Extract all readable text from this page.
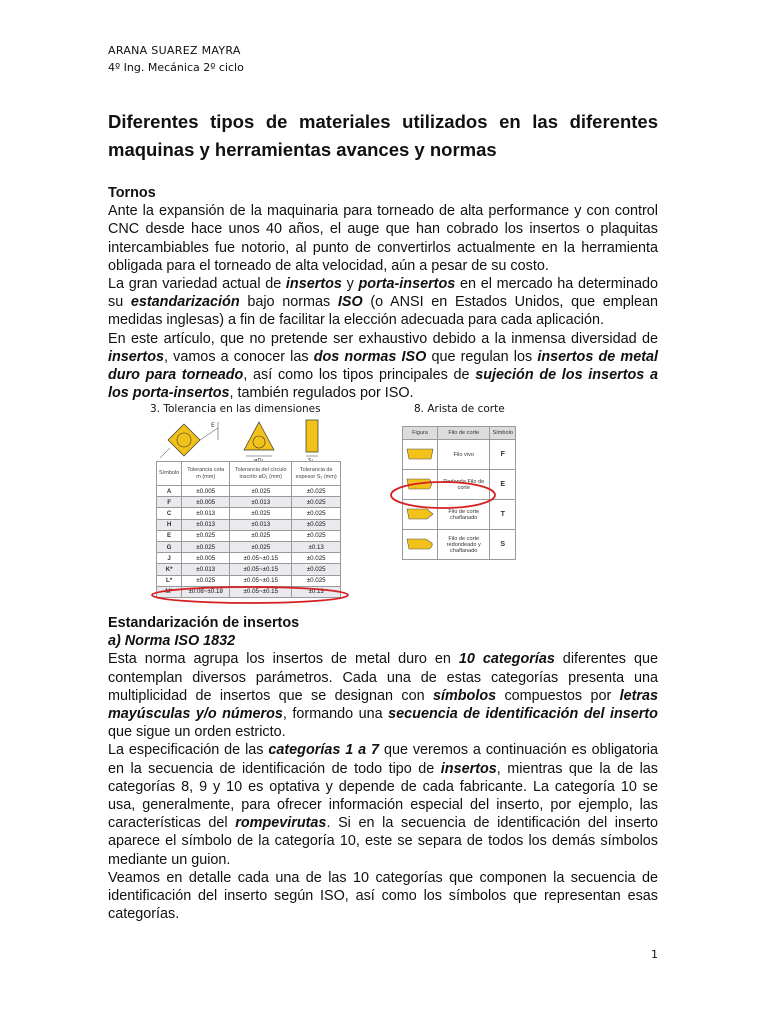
ARANA SUAREZ MAYRA
4º Ing. Mecánica 2º ciclo
Diferentes tipos de materiales utilizados en las diferentes maquinas y herramientas avances y normas

Tornos

Ante la expansión de la maquinaria para torneado de alta performance y con control CNC desde hace unos 40 años, el auge que han cobrado los insertos o plaquitas intercambiables fue notorio, al punto de convertirlos actualmente en la herramienta obligada para el torneado de alta velocidad, aún a pesar de su costo.

La gran variedad actual de insertos y porta-insertos en el mercado ha determinado su estandarización bajo normas ISO (o ANSI en Estados Unidos, que emplean medidas inglesas) a fin de facilitar la elección adecuada para cada aplicación.

En este artículo, que no pretende ser exhaustivo debido a la inmensa diversidad de insertos, vamos a conocer las dos normas ISO que regulan los insertos de metal duro para torneado, así como los tipos principales de sujeción de los insertos a los porta-insertos, también regulados por ISO.

3. Tolerancia en las dimensiones
E
øD₁	S₁
Símbolo	Tolerancia cota m (mm)	Tolerancia del círculo inscrito øD₁ (mm)	Tolerancia de espesor S₁ (mm)
A	±0.005	±0.025	±0.025
F	±0.005	±0.013	±0.025
C	±0.013	±0.025	±0.025
H	±0.013	±0.013	±0.025
E	±0.025	±0.025	±0.025
G	±0.025	±0.025	±0.13
J	±0.005	±0.05~±0.15	±0.025
K*	±0.013	±0.05~±0.15	±0.025
L*	±0.025	±0.05~±0.15	±0.025
M*	±0.08~±0.18	±0.05~±0.15	±0.13
8. Arista de corte
Figura	Filo de corte	Símbolo
	Filo vivo	F
	Redonda Filo de corte	E
	Filo de corte chaflanado	T
	Filo de corte redondeado y chaflanado	S

Estandarización de insertos

a) Norma ISO 1832

Esta norma agrupa los insertos de metal duro en 10 categorías diferentes que contemplan diversos parámetros. Cada una de estas categorías presenta una multiplicidad de insertos que se designan con símbolos compuestos por letras mayúsculas y/o números, formando una secuencia de identificación del inserto que sigue un orden estricto.

La especificación de las categorías 1 a 7 que veremos a continuación es obligatoria en la secuencia de identificación de todo tipo de insertos, mientras que la de las categorías 8, 9 y 10 es optativa y depende de cada fabricante. La categoría 10 se usa, generalmente, para ofrecer información especial del inserto, por ejemplo, las características del rompevirutas. Si en la secuencia de identificación del inserto aparece el símbolo de la categoría 10, este se separa de todos los demás símbolos mediante un guion.

Veamos en detalle cada una de las 10 categorías que componen la secuencia de identificación del inserto según ISO, así como los símbolos que representan esas categorías.

1
